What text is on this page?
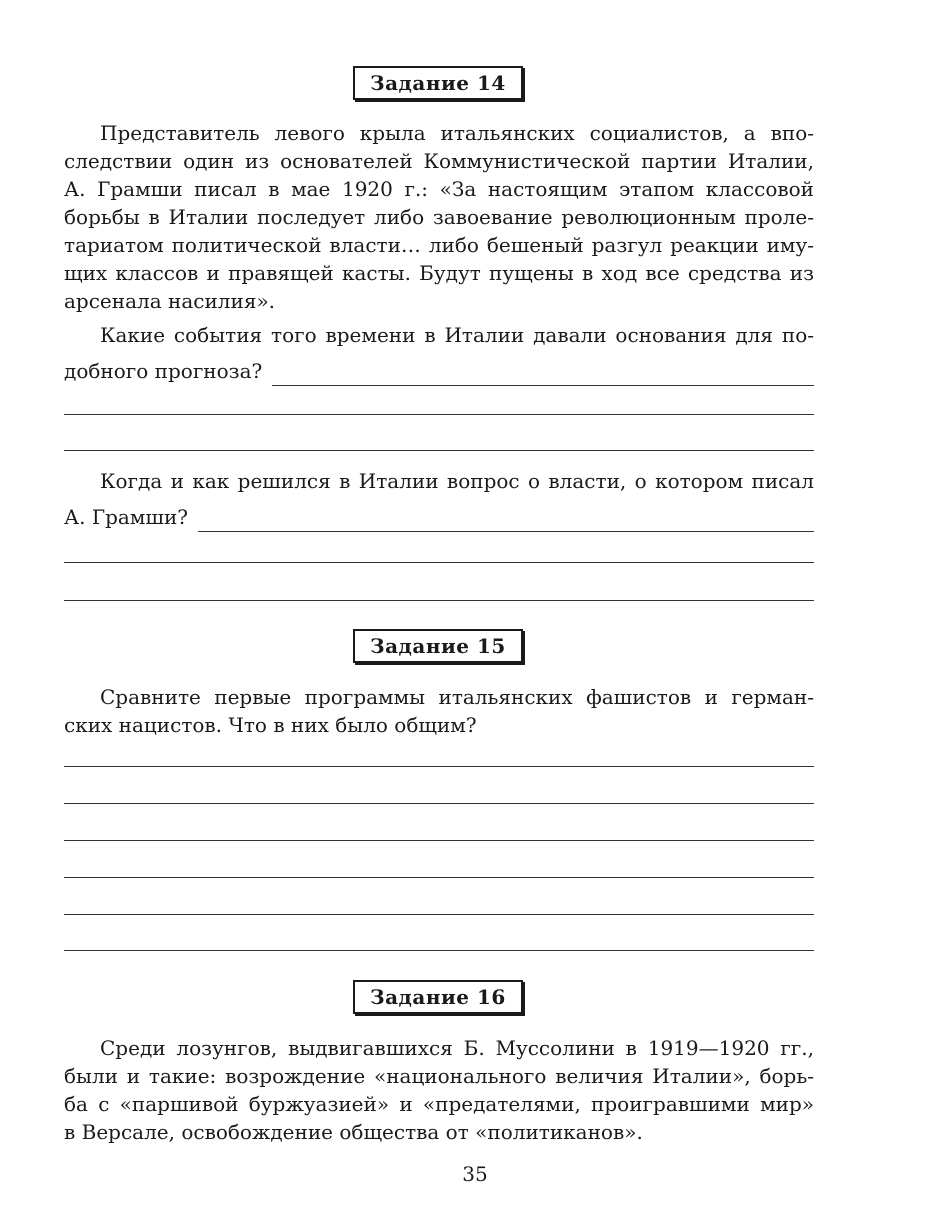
Задание 14
Представитель левого крыла итальянских социалистов, а впо-
следствии один из основателей Коммунистической партии Италии,
А. Грамши писал в мае 1920 г.: «За настоящим этапом классовой
борьбы в Италии последует либо завоевание революционным проле-
тариатом политической власти… либо бешеный разгул реакции иму-
щих классов и правящей касты. Будут пущены в ход все средства из
арсенала насилия».
Какие события того времени в Италии давали основания для по-
добного прогноза?
Когда и как решился в Италии вопрос о власти, о котором писал
А. Грамши?
Задание 15
Сравните первые программы итальянских фашистов и герман-
ских нацистов. Что в них было общим?
Задание 16
Среди лозунгов, выдвигавшихся Б. Муссолини в 1919—1920 гг.,
были и такие: возрождение «национального величия Италии», борь-
ба с «паршивой буржуазией» и «предателями, проигравшими мир»
в Версале, освобождение общества от «политиканов».
35
